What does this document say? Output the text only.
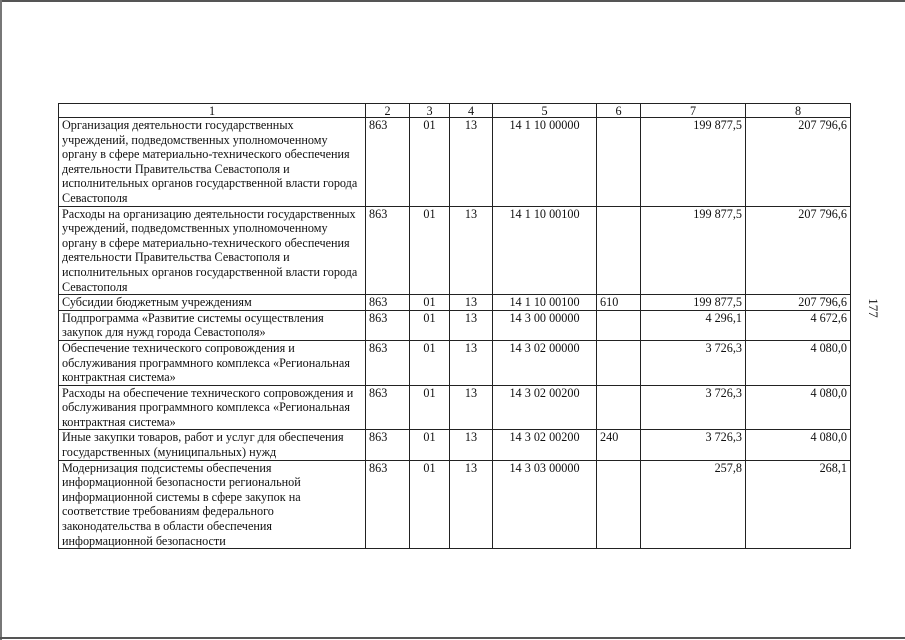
1	2	3	4	5	6	7	8
Организация деятельности государственных учреждений, подведомственных уполномоченному органу в сфере материально-технического обеспечения деятельности Правительства Севастополя и исполнительных органов государственной власти города Севастополя	863	01	13	14 1 10 00000		199 877,5	207 796,6
Расходы на организацию деятельности государственных учреждений, подведомственных уполномоченному органу в сфере материально-технического обеспечения деятельности Правительства Севастополя и исполнительных органов государственной власти города Севастополя	863	01	13	14 1 10 00100		199 877,5	207 796,6
Субсидии бюджетным учреждениям	863	01	13	14 1 10 00100	610	199 877,5	207 796,6
Подпрограмма «Развитие системы осуществления закупок для нужд города Севастополя»	863	01	13	14 3 00 00000		4 296,1	4 672,6
Обеспечение технического сопровождения и обслуживания программного комплекса «Региональная контрактная система»	863	01	13	14 3 02 00000		3 726,3	4 080,0
Расходы на обеспечение технического сопровождения и обслуживания программного комплекса «Региональная контрактная система»	863	01	13	14 3 02 00200		3 726,3	4 080,0
Иные закупки товаров, работ и услуг для обеспечения государственных (муниципальных) нужд	863	01	13	14 3 02 00200	240	3 726,3	4 080,0
Модернизация подсистемы обеспечения информационной безопасности региональной информационной системы в сфере закупок на соответствие требованиям федерального законодательства в области обеспечения информационной безопасности	863	01	13	14 3 03 00000		257,8	268,1
177
